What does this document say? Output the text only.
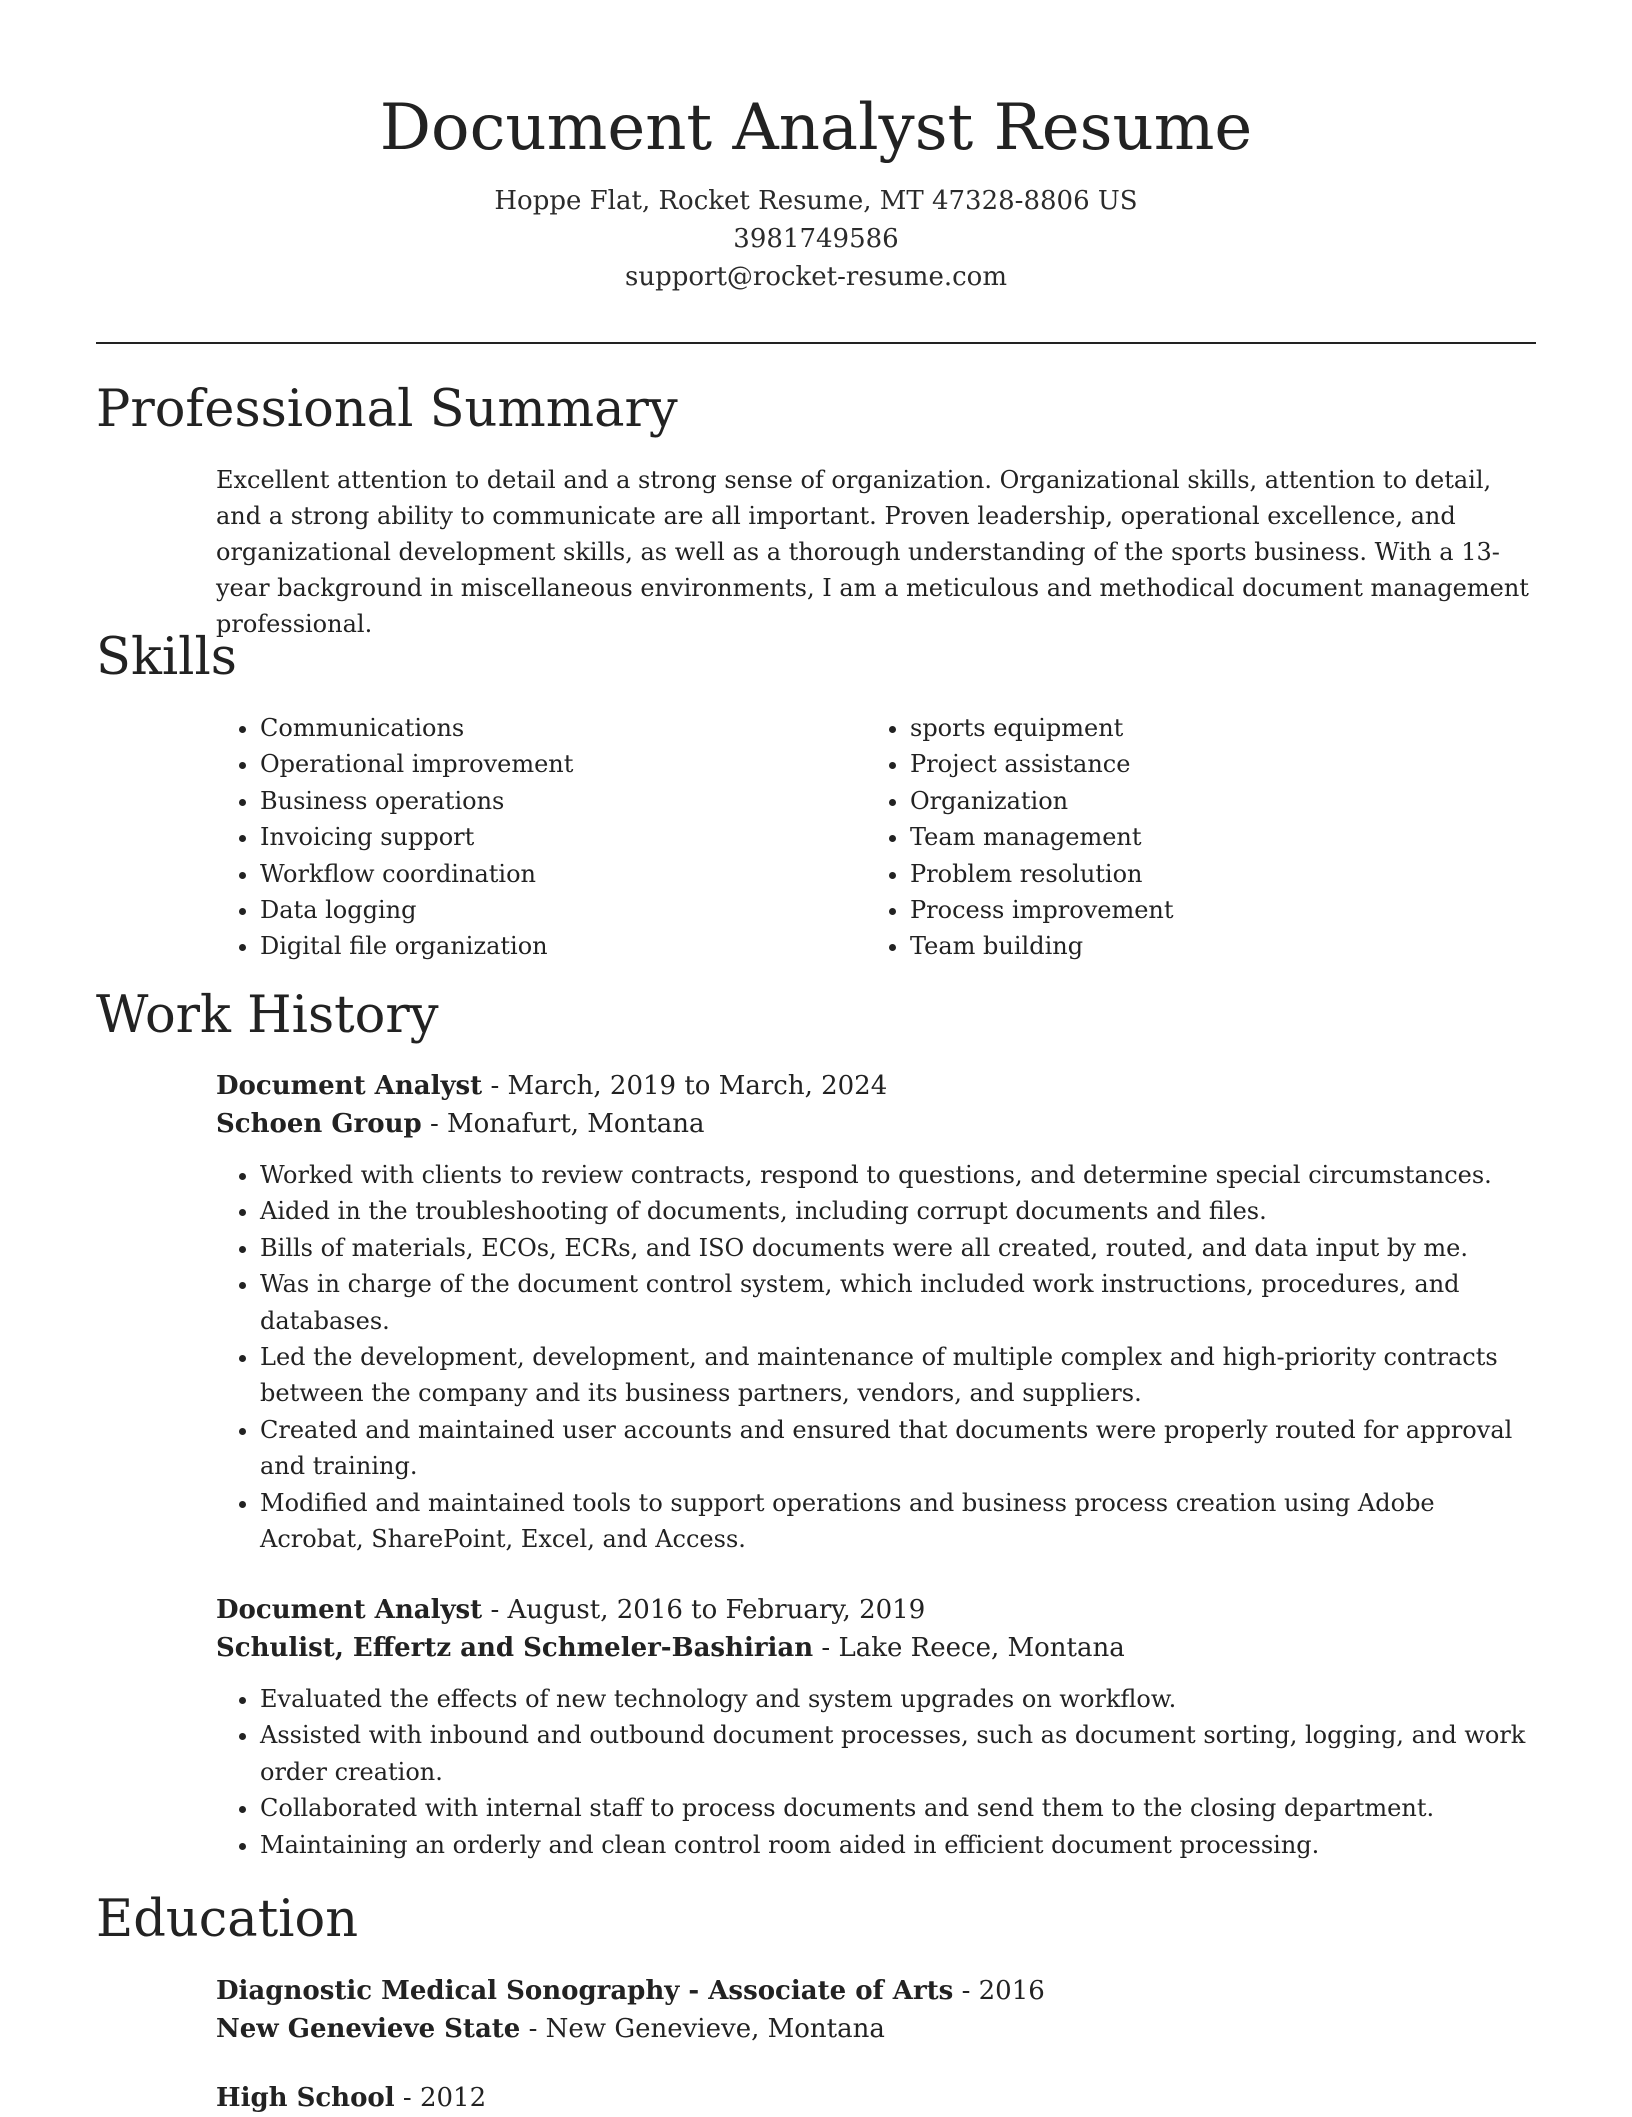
Document Analyst Resume
Hoppe Flat, Rocket Resume, MT 47328-8806 US
3981749586
support@rocket-resume.com
Professional Summary

Excellent attention to detail and a strong sense of organization. Organizational skills, attention to detail, and a strong ability to communicate are all important. Proven leadership, operational excellence, and organizational development skills, as well as a thorough understanding of the sports business. With a 13-year background in miscellaneous environments, I am a meticulous and methodical document management professional.

Skills
• Communications
• Operational improvement
• Business operations
• Invoicing support
• Workflow coordination
• Data logging
• Digital file organization
• sports equipment
• Project assistance
• Organization
• Team management
• Problem resolution
• Process improvement
• Team building
Work History
Document Analyst - March, 2019 to March, 2024
Schoen Group - Monafurt, Montana
• Worked with clients to review contracts, respond to questions, and determine special circumstances.
• Aided in the troubleshooting of documents, including corrupt documents and files.
• Bills of materials, ECOs, ECRs, and ISO documents were all created, routed, and data input by me.
• Was in charge of the document control system, which included work instructions, procedures, and databases.
• Led the development, development, and maintenance of multiple complex and high-priority contracts between the company and its business partners, vendors, and suppliers.
• Created and maintained user accounts and ensured that documents were properly routed for approval and training.
• Modified and maintained tools to support operations and business process creation using Adobe Acrobat, SharePoint, Excel, and Access.
Document Analyst - August, 2016 to February, 2019
Schulist, Effertz and Schmeler-Bashirian - Lake Reece, Montana
• Evaluated the effects of new technology and system upgrades on workflow.
• Assisted with inbound and outbound document processes, such as document sorting, logging, and work order creation.
• Collaborated with internal staff to process documents and send them to the closing department.
• Maintaining an orderly and clean control room aided in efficient document processing.
Education
Diagnostic Medical Sonography - Associate of Arts - 2016
New Genevieve State - New Genevieve, Montana
High School - 2012
